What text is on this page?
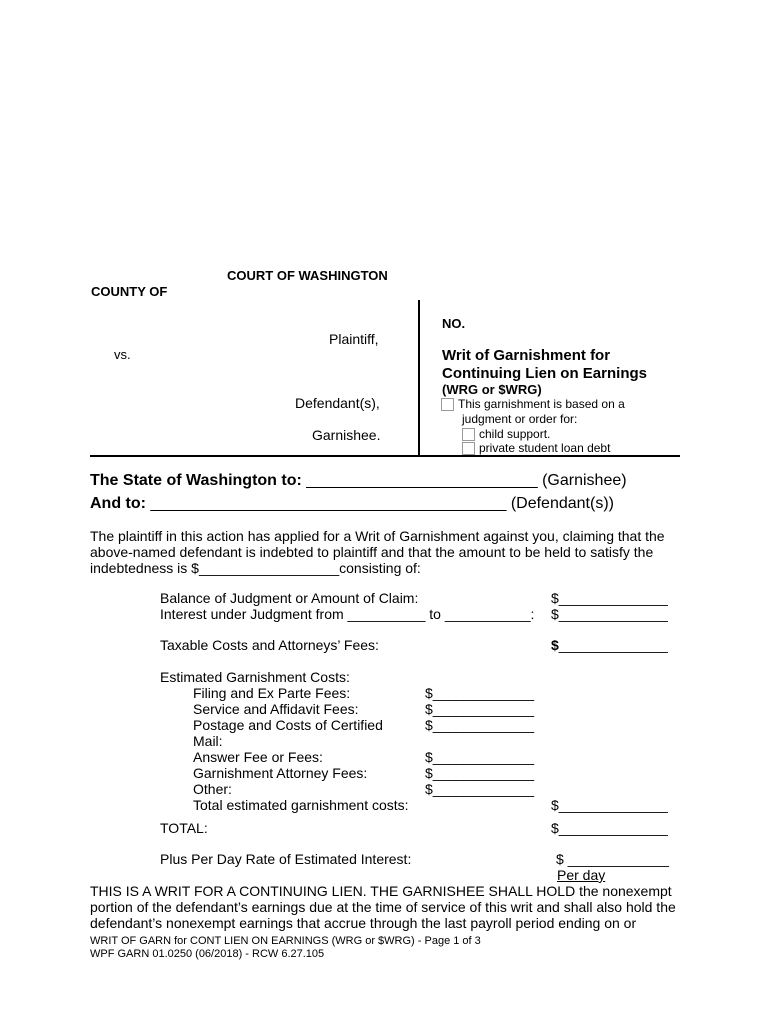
COURT OF WASHINGTON
COUNTY OF
Plaintiff,
vs.
Defendant(s),
Garnishee.
NO.
Writ of Garnishment for
Continuing Lien on Earnings
(WRG or $WRG)
This garnishment is based on a
judgment or order for:
child support.
private student loan debt
The State of Washington to: __________________________ (Garnishee)
And to: ________________________________________ (Defendant(s))
The plaintiff in this action has applied for a Writ of Garnishment against you, claiming that the
above-named defendant is indebted to plaintiff and that the amount to be held to satisfy the
indebtedness is $__________________consisting of:
Balance of Judgment or Amount of Claim:	$______________
Interest under Judgment from __________ to ___________: $______________
Taxable Costs and Attorneys’ Fees:	$______________
Estimated Garnishment Costs:
Filing and Ex Parte Fees:	$_____________
Service and Affidavit Fees:	$_____________
Postage and Costs of Certified	$_____________
Mail:
Answer Fee or Fees:	$_____________
Garnishment Attorney Fees:	$_____________
Other:	$_____________
Total estimated garnishment costs:	$______________
TOTAL:	$______________
Plus Per Day Rate of Estimated Interest:	$ _____________
Per day
THIS IS A WRIT FOR A CONTINUING LIEN. THE GARNISHEE SHALL HOLD the nonexempt
portion of the defendant’s earnings due at the time of service of this writ and shall also hold the
defendant’s nonexempt earnings that accrue through the last payroll period ending on or
WRIT OF GARN for CONT LIEN ON EARNINGS (WRG or $WRG) - Page 1 of 3
WPF GARN 01.0250 (06/2018) - RCW 6.27.105
